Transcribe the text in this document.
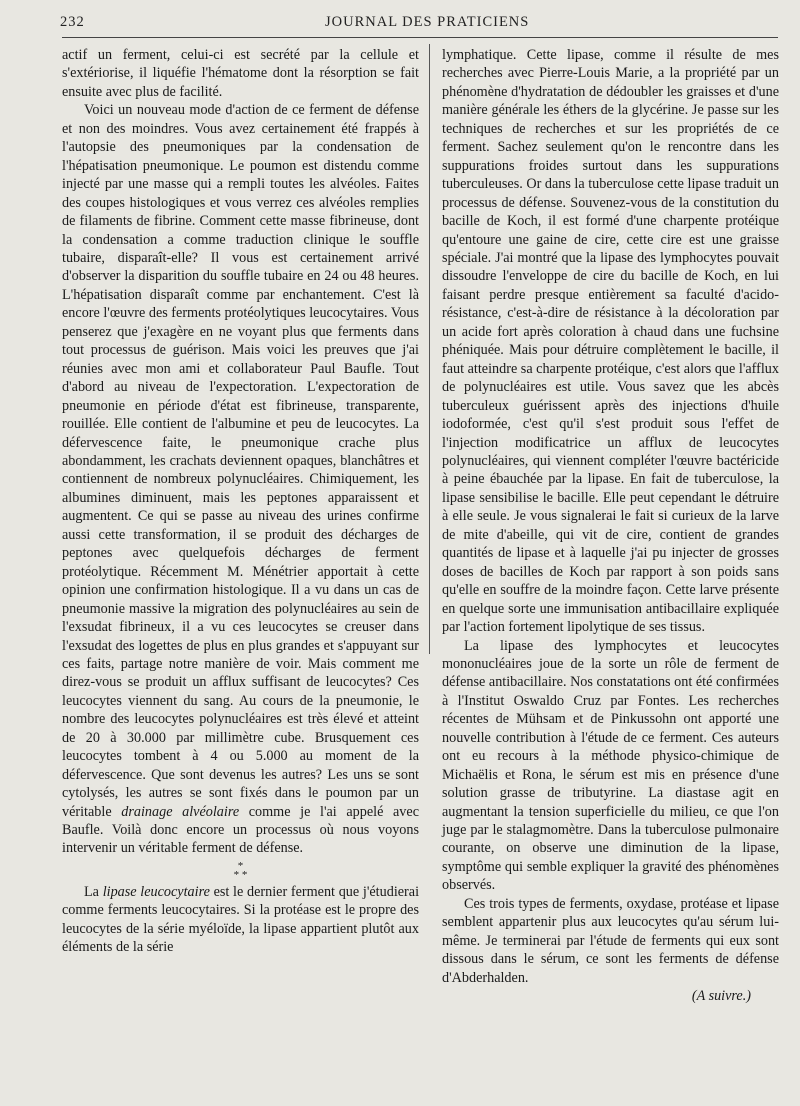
232	JOURNAL DES PRATICIENS

actif un ferment, celui-ci est secrété par la cellule et s'extériorise, il liquéfie l'hématome dont la résorption se fait ensuite avec plus de facilité.

Voici un nouveau mode d'action de ce ferment de défense et non des moindres. Vous avez certainement été frappés à l'autopsie des pneumoniques par la condensation de l'hépatisation pneumonique. Le poumon est distendu comme injecté par une masse qui a rempli toutes les alvéoles. Faites des coupes histologiques et vous verrez ces alvéoles remplies de filaments de fibrine. Comment cette masse fibrineuse, dont la condensation a comme traduction clinique le souffle tubaire, disparaît-elle? Il vous est certainement arrivé d'observer la disparition du souffle tubaire en 24 ou 48 heures. L'hépatisation disparaît comme par enchantement. C'est là encore l'œuvre des ferments protéolytiques leucocytaires. Vous penserez que j'exagère en ne voyant plus que ferments dans tout processus de guérison. Mais voici les preuves que j'ai réunies avec mon ami et collaborateur Paul Baufle. Tout d'abord au niveau de l'expectoration. L'expectoration de pneumonie en période d'état est fibrineuse, transparente, rouillée. Elle contient de l'albumine et peu de leucocytes. La défervescence faite, le pneumonique crache plus abondamment, les crachats deviennent opaques, blanchâtres et contiennent de nombreux polynucléaires. Chimiquement, les albumines diminuent, mais les peptones apparaissent et augmentent. Ce qui se passe au niveau des urines confirme aussi cette transformation, il se produit des décharges de peptones avec quelquefois décharges de ferment protéolytique. Récemment M. Ménétrier apportait à cette opinion une confirmation histologique. Il a vu dans un cas de pneumonie massive la migration des polynucléaires au sein de l'exsudat fibrineux, il a vu ces leucocytes se creuser dans l'exsudat des logettes de plus en plus grandes et s'appuyant sur ces faits, partage notre manière de voir. Mais comment me direz-vous se produit un afflux suffisant de leucocytes? Ces leucocytes viennent du sang. Au cours de la pneumonie, le nombre des leucocytes polynucléaires est très élevé et atteint de 20 à 30.000 par millimètre cube. Brusquement ces leucocytes tombent à 4 ou 5.000 au moment de la défervescence. Que sont devenus les autres? Les uns se sont cytolysés, les autres se sont fixés dans le poumon par un véritable drainage alvéolaire comme je l'ai appelé avec Baufle. Voilà donc encore un processus où nous voyons intervenir un véritable ferment de défense.

*
* *

La lipase leucocytaire est le dernier ferment que j'étudierai comme ferments leucocytaires. Si la protéase est le propre des leucocytes de la série myéloïde, la lipase appartient plutôt aux éléments de la série

lymphatique. Cette lipase, comme il résulte de mes recherches avec Pierre-Louis Marie, a la propriété par un phénomène d'hydratation de dédoubler les graisses et d'une manière générale les éthers de la glycérine. Je passe sur les techniques de recherches et sur les propriétés de ce ferment. Sachez seulement qu'on le rencontre dans les suppurations froides surtout dans les suppurations tuberculeuses. Or dans la tuberculose cette lipase traduit un processus de défense. Souvenez-vous de la constitution du bacille de Koch, il est formé d'une charpente protéique qu'entoure une gaine de cire, cette cire est une graisse spéciale. J'ai montré que la lipase des lymphocytes pouvait dissoudre l'enveloppe de cire du bacille de Koch, en lui faisant perdre presque entièrement sa faculté d'acido-résistance, c'est-à-dire de résistance à la décoloration par un acide fort après coloration à chaud dans une fuchsine phéniquée. Mais pour détruire complètement le bacille, il faut atteindre sa charpente protéique, c'est alors que l'afflux de polynucléaires est utile. Vous savez que les abcès tuberculeux guérissent après des injections d'huile iodoformée, c'est qu'il s'est produit sous l'effet de l'injection modificatrice un afflux de leucocytes polynucléaires, qui viennent compléter l'œuvre bactéricide à peine ébauchée par la lipase. En fait de tuberculose, la lipase sensibilise le bacille. Elle peut cependant le détruire à elle seule. Je vous signalerai le fait si curieux de la larve de mite d'abeille, qui vit de cire, contient de grandes quantités de lipase et à laquelle j'ai pu injecter de grosses doses de bacilles de Koch par rapport à son poids sans qu'elle en souffre de la moindre façon. Cette larve présente en quelque sorte une immunisation antibacillaire expliquée par l'action fortement lipolytique de ses tissus.

La lipase des lymphocytes et leucocytes mononucléaires joue de la sorte un rôle de ferment de défense antibacillaire. Nos constatations ont été confirmées à l'Institut Oswaldo Cruz par Fontes. Les recherches récentes de Mühsam et de Pinkussohn ont apporté une nouvelle contribution à l'étude de ce ferment. Ces auteurs ont eu recours à la méthode physico-chimique de Michaëlis et Rona, le sérum est mis en présence d'une solution grasse de tributyrine. La diastase agit en augmentant la tension superficielle du milieu, ce que l'on juge par le stalagmomètre. Dans la tuberculose pulmonaire courante, on observe une diminution de la lipase, symptôme qui semble expliquer la gravité des phénomènes observés.

Ces trois types de ferments, oxydase, protéase et lipase semblent appartenir plus aux leucocytes qu'au sérum lui-même. Je terminerai par l'étude de ferments qui eux sont dissous dans le sérum, ce sont les ferments de défense d'Abderhalden.

(A suivre.)
